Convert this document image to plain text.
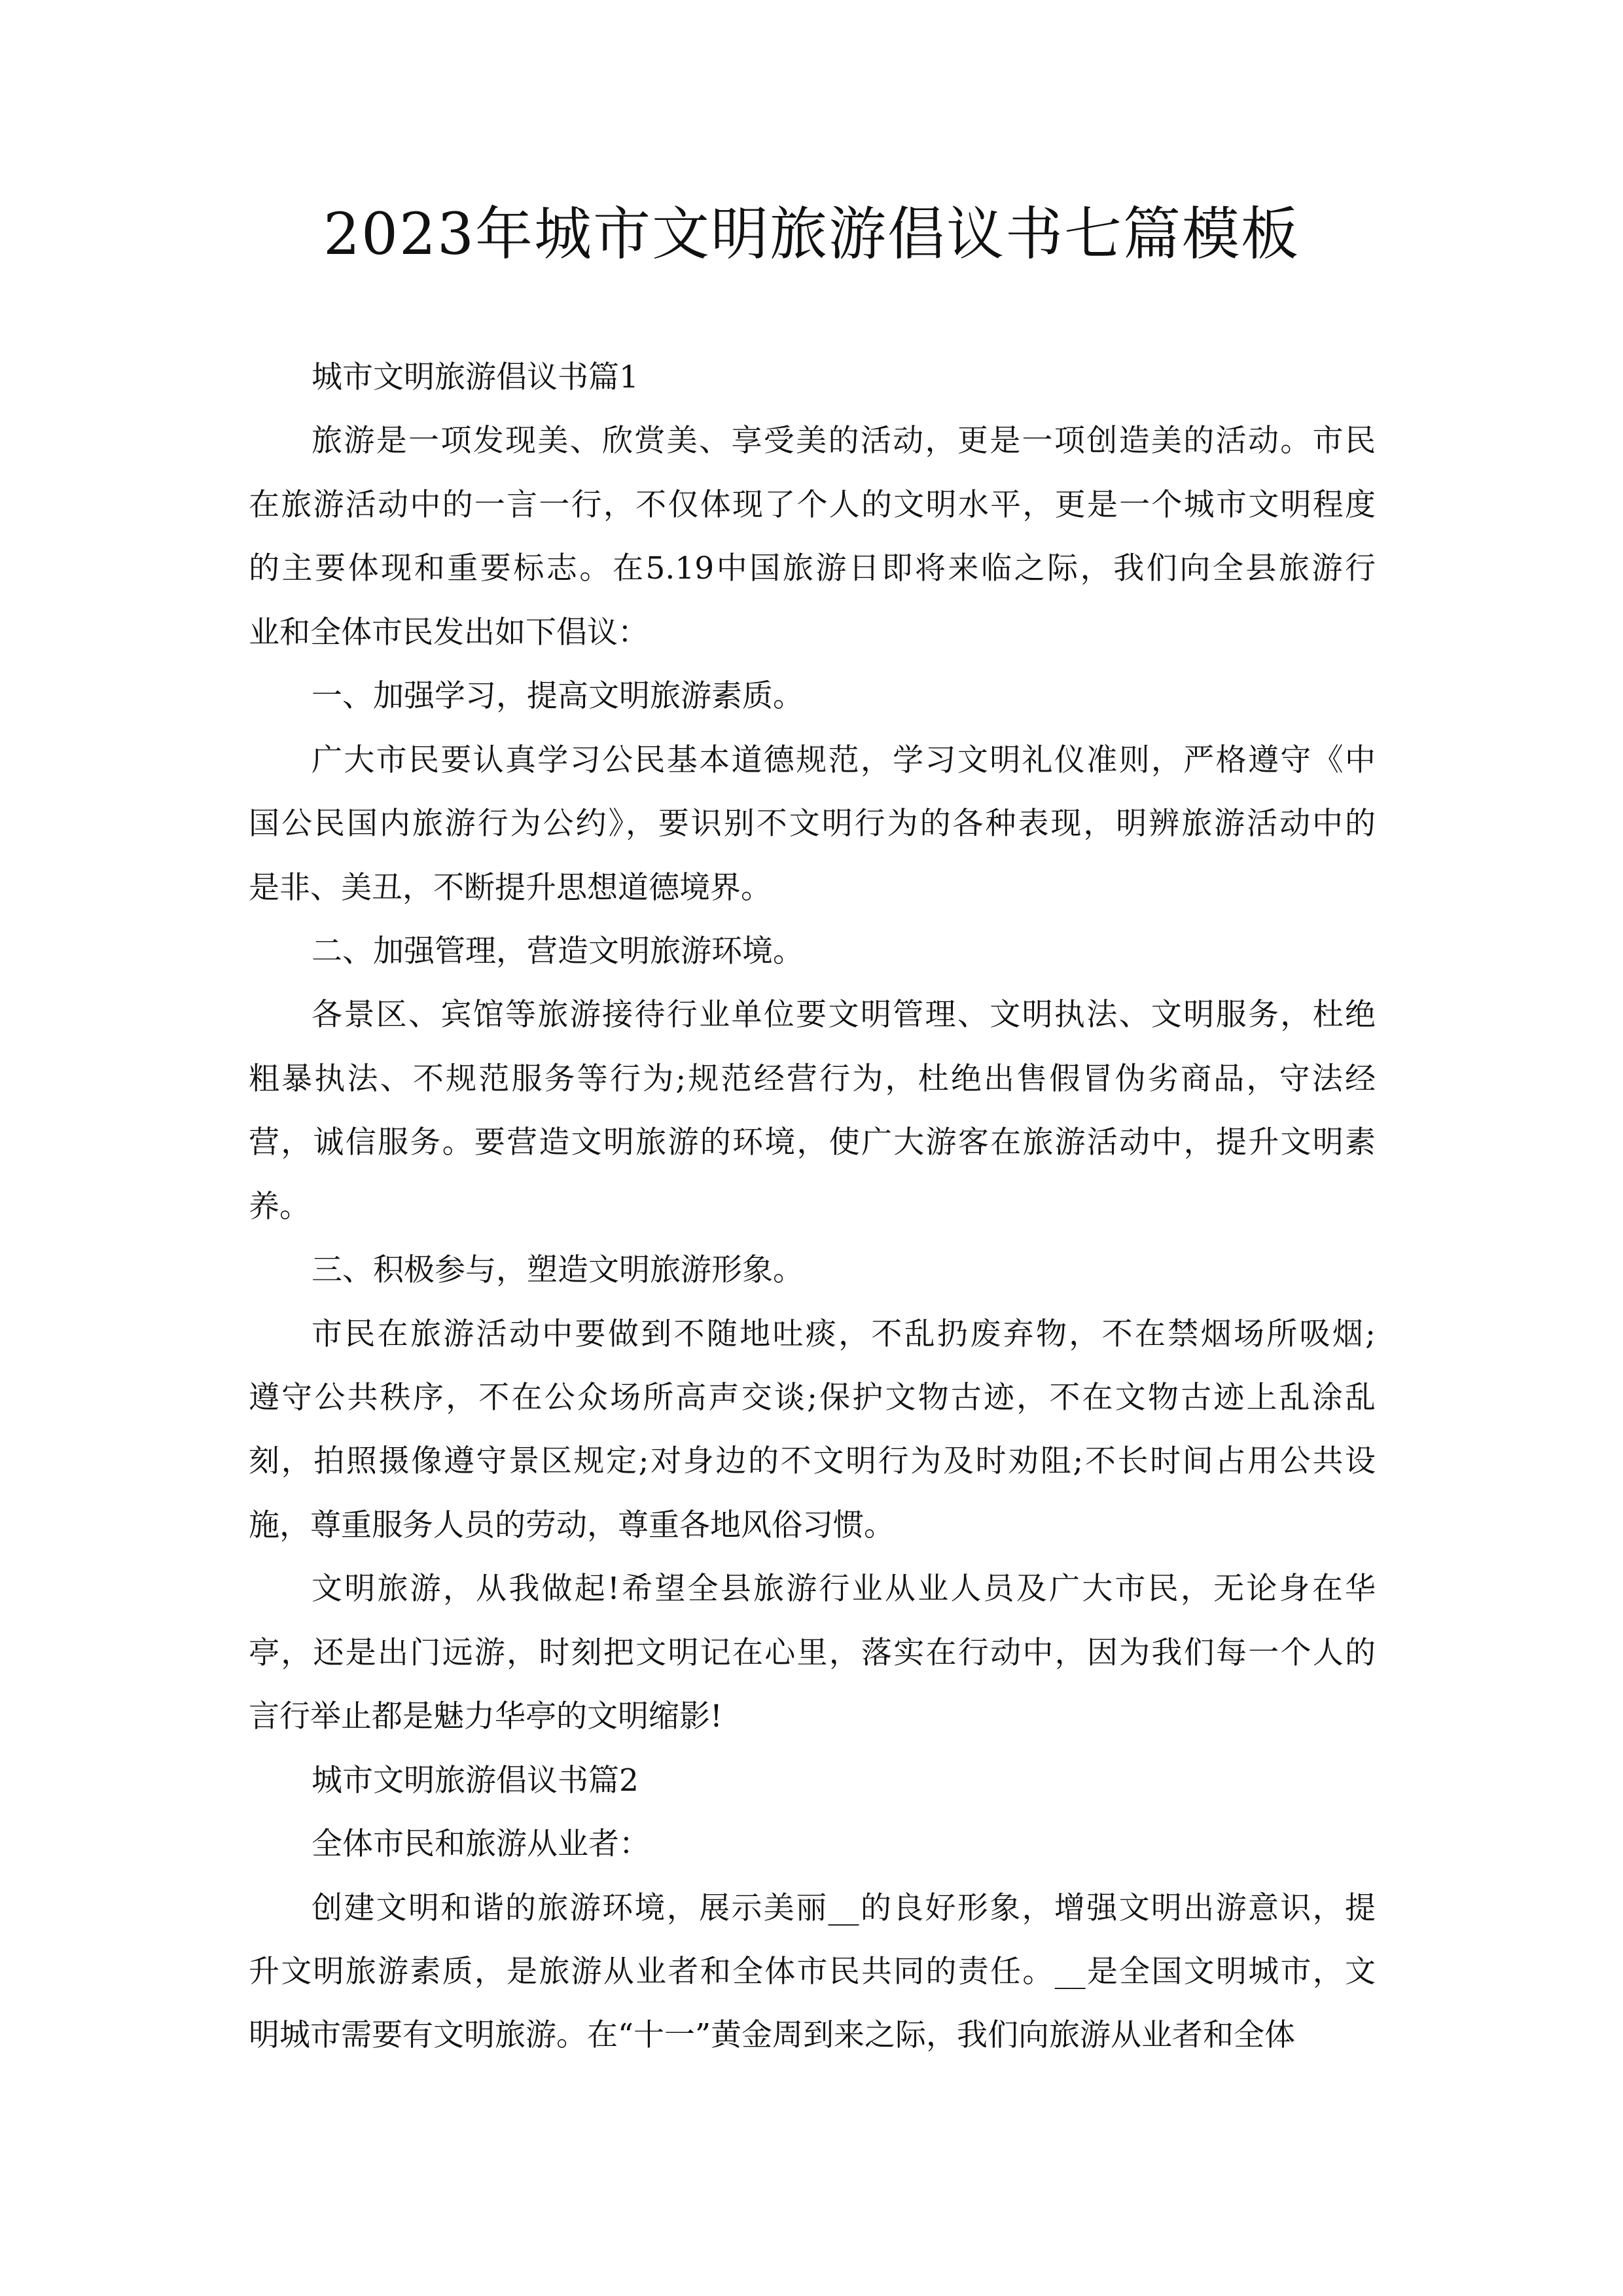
2023年城市文明旅游倡议书七篇模板
城市文明旅游倡议书篇1
旅游是一项发现美、欣赏美、享受美的活动，更是一项创造美的活动。市民
在旅游活动中的一言一行，不仅体现了个人的文明水平，更是一个城市文明程度
的主要体现和重要标志。在5.19中国旅游日即将来临之际，我们向全县旅游行
业和全体市民发出如下倡议：
一、加强学习，提高文明旅游素质。
广大市民要认真学习公民基本道德规范，学习文明礼仪准则，严格遵守《中
国公民国内旅游行为公约》，要识别不文明行为的各种表现，明辨旅游活动中的
是非、美丑，不断提升思想道德境界。
二、加强管理，营造文明旅游环境。
各景区、宾馆等旅游接待行业单位要文明管理、文明执法、文明服务，杜绝
粗暴执法、不规范服务等行为;规范经营行为，杜绝出售假冒伪劣商品，守法经
营，诚信服务。要营造文明旅游的环境，使广大游客在旅游活动中，提升文明素
养。
三、积极参与，塑造文明旅游形象。
市民在旅游活动中要做到不随地吐痰，不乱扔废弃物，不在禁烟场所吸烟;
遵守公共秩序，不在公众场所高声交谈;保护文物古迹，不在文物古迹上乱涂乱
刻，拍照摄像遵守景区规定;对身边的不文明行为及时劝阻;不长时间占用公共设
施，尊重服务人员的劳动，尊重各地风俗习惯。
文明旅游，从我做起!希望全县旅游行业从业人员及广大市民，无论身在华
亭，还是出门远游，时刻把文明记在心里，落实在行动中，因为我们每一个人的
言行举止都是魅力华亭的文明缩影!
城市文明旅游倡议书篇2
全体市民和旅游从业者：
创建文明和谐的旅游环境，展示美丽__的良好形象，增强文明出游意识，提
升文明旅游素质，是旅游从业者和全体市民共同的责任。__是全国文明城市，文
明城市需要有文明旅游。在“十一”黄金周到来之际，我们向旅游从业者和全体
